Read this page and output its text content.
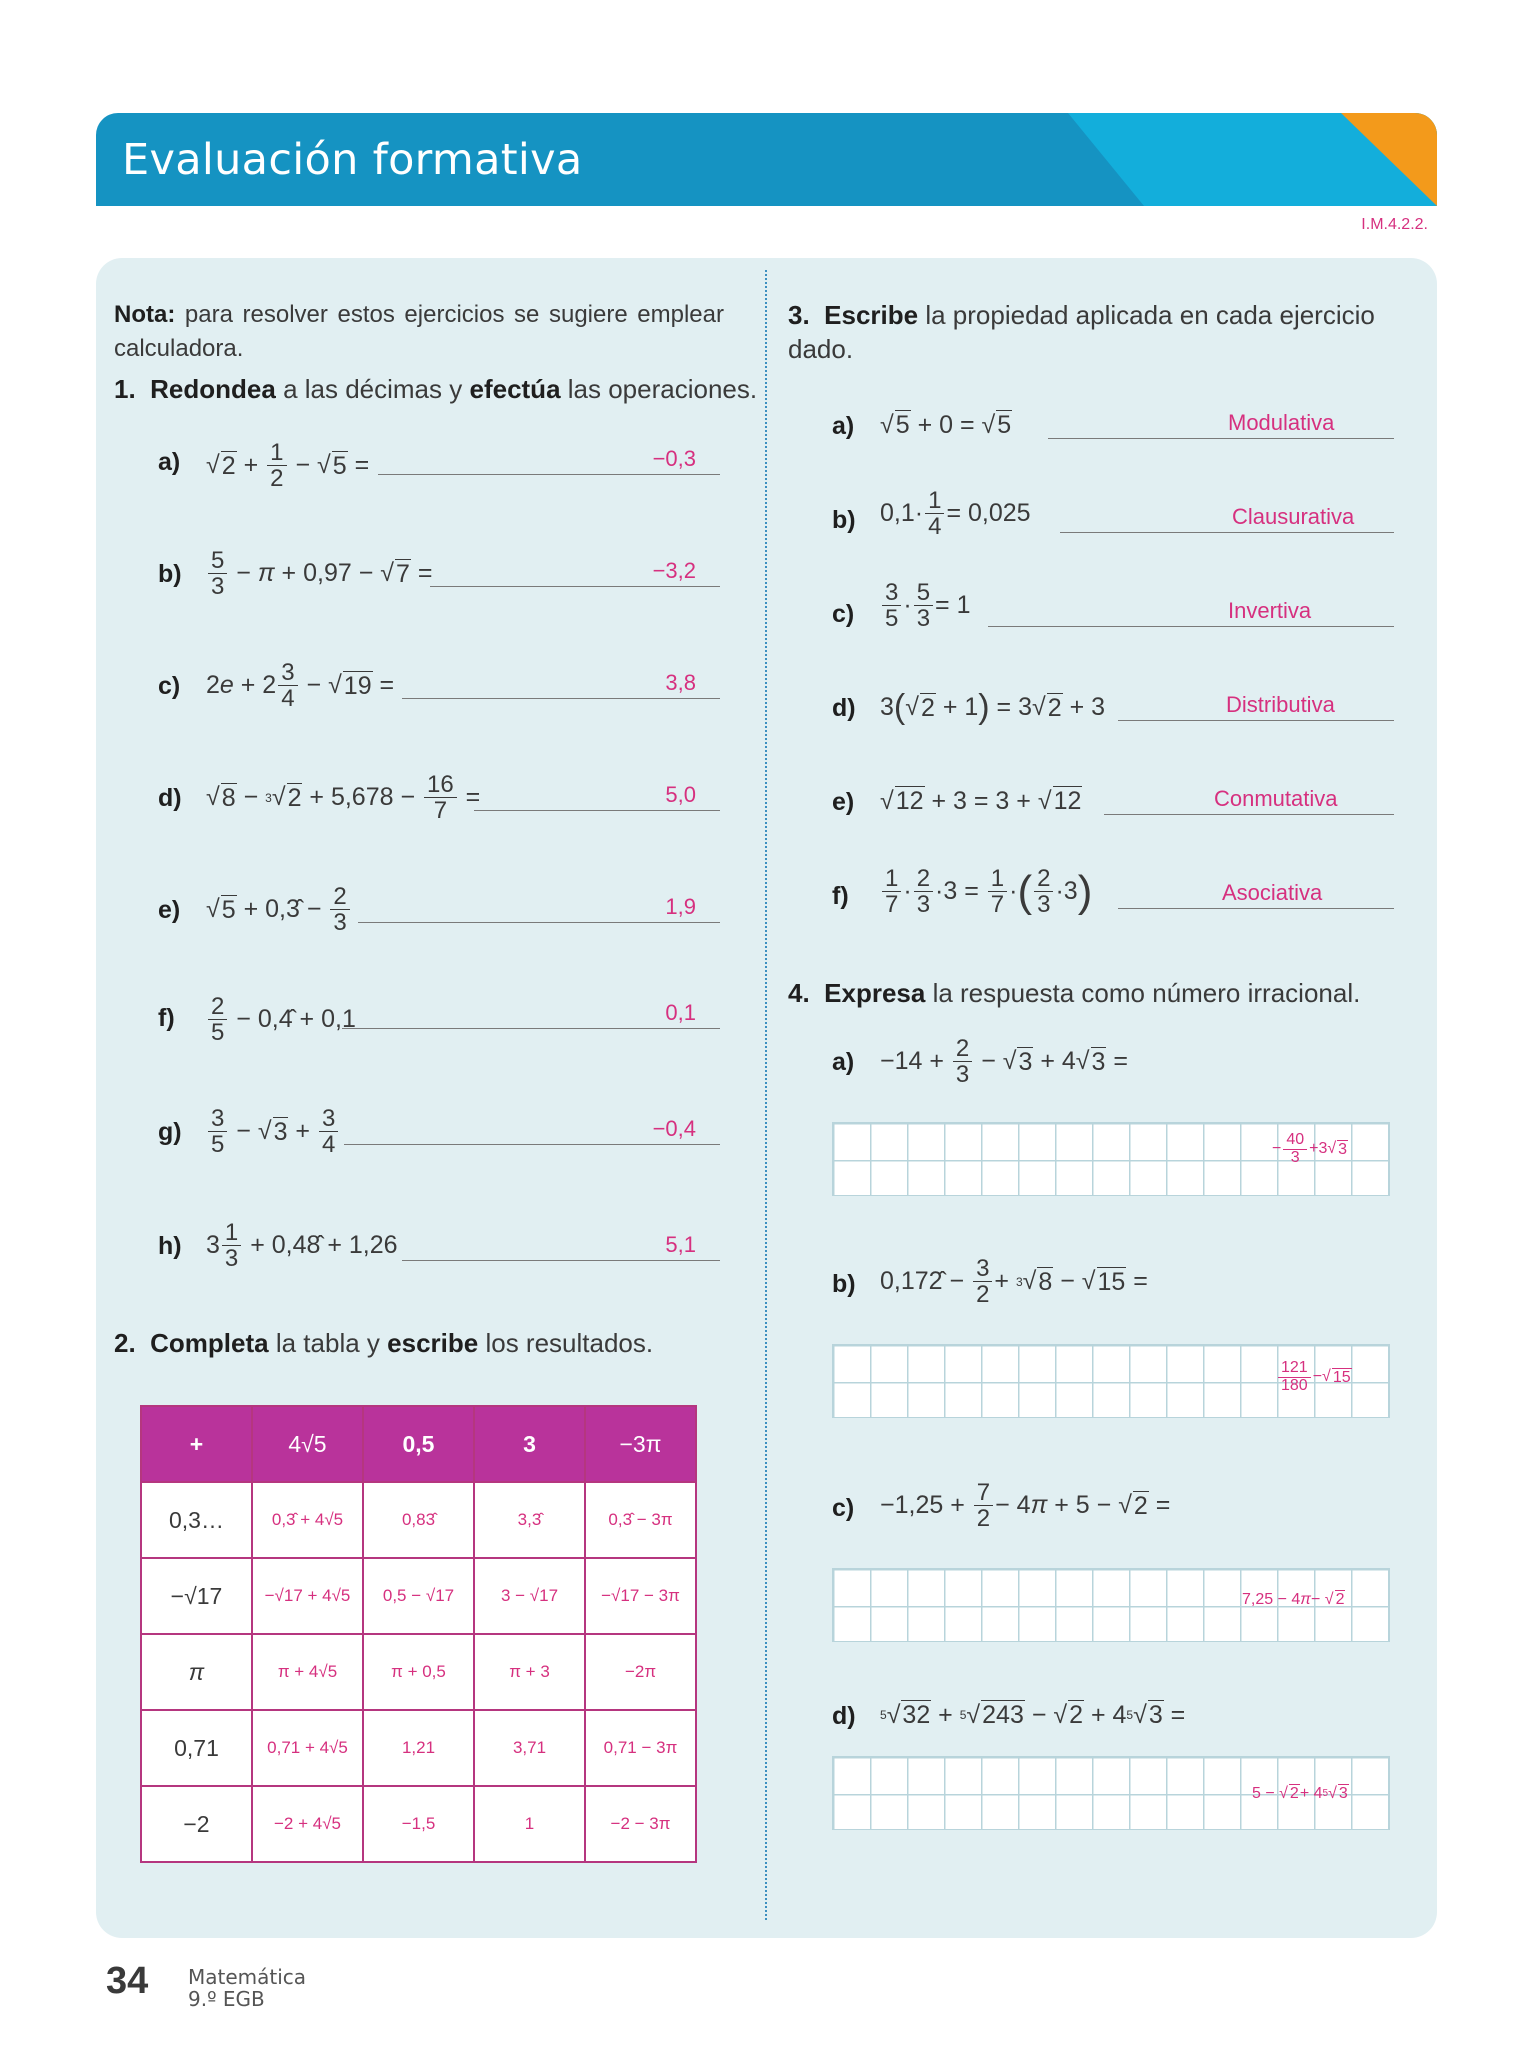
Evaluación formativa
DUA
Acción y expresión
I.M.4.2.2.
Nota: para resolver estos ejercicios se sugiere emplear calculadora.
1. Redondea a las décimas y efectúa las operaciones.
a) √ $2 + \frac{1}{2}$ − √ 5 =	−0,3
$b) \frac{5}{3} - \pi + 0,97$ − √ 7 =	−3,2
c) 2 $e + 2 \frac{3}{4}$ − √ 19 =	3,8
d) √ 8 − 3 √ $2 + 5,678 - \frac{16}{7}$ =	5,0
e) √ 5 + 0,3̂ − $\frac{2}{3}$	1,9
$f) \frac{2}{5}$ − 0,4̂ + 0,1	0,1
$g) \frac{3}{5}$ − √ $3 + \frac{3}{4}$	−0,4
h) $3 \frac{1}{3}$ + 0,48̂ + 1,26	5,1
2. Completa la tabla y escribe los resultados.
+	4√5	0,5	3	−3π
0,3…	0,3̂ + 4√5	0,83̂	3,3̂	0,3̂ − 3π
−√17	−√17 + 4√5	0,5 − √17	3 − √17	−√17 − 3π
π	π + 4√5	π + 0,5	π + 3	−2π
0,71	0,71 + 4√5	1,21	3,71	0,71 − 3π
−2	−2 + 4√5	−1,5	1	−2 − 3π
3. Escribe la propiedad aplicada en cada ejercicio dado.
a) √ 5 + 0 = √ 5	Modulativa
b) $0,1\cdot \frac{1}{4} = 0,025$	Clausurativa
$c) \frac{3}{5} \cdot \frac{5}{3} = 1$	Invertiva
d) 3 ( √ 2 + 1 ) = 3√ 2 + 3	Distributiva
e) √ 12 + 3 = 3 + √ 12	Conmutativa
$f) \frac{1}{7} \cdot \frac{2}{3} \cdot 3 = \frac{1}{7}$ · ( $\frac{2}{3} \cdot 3$ )	Asociativa
4. Expresa la respuesta como número irracional.
$a) -14 + \frac{2}{3}$ − √ 3 + 4√ 3 =
− $\frac{40}{3} +3√$ 3
b) 0,172̂ − $\frac{3}{2} + 3$ √ 8 − √ 15 =
$\frac{121}{180}$ −√ 15
$c) -1,25 + \frac{7}{2} - 4$ π + 5 − √ 2 =
7,25 − 4 π − √ 2
d) 5 √ 32 + 5 √ 243 − √ 2 + 4 5 √ 3 =
5 − √ 2 + 4 5 √ 3
34 Matemática
9.º EGB
